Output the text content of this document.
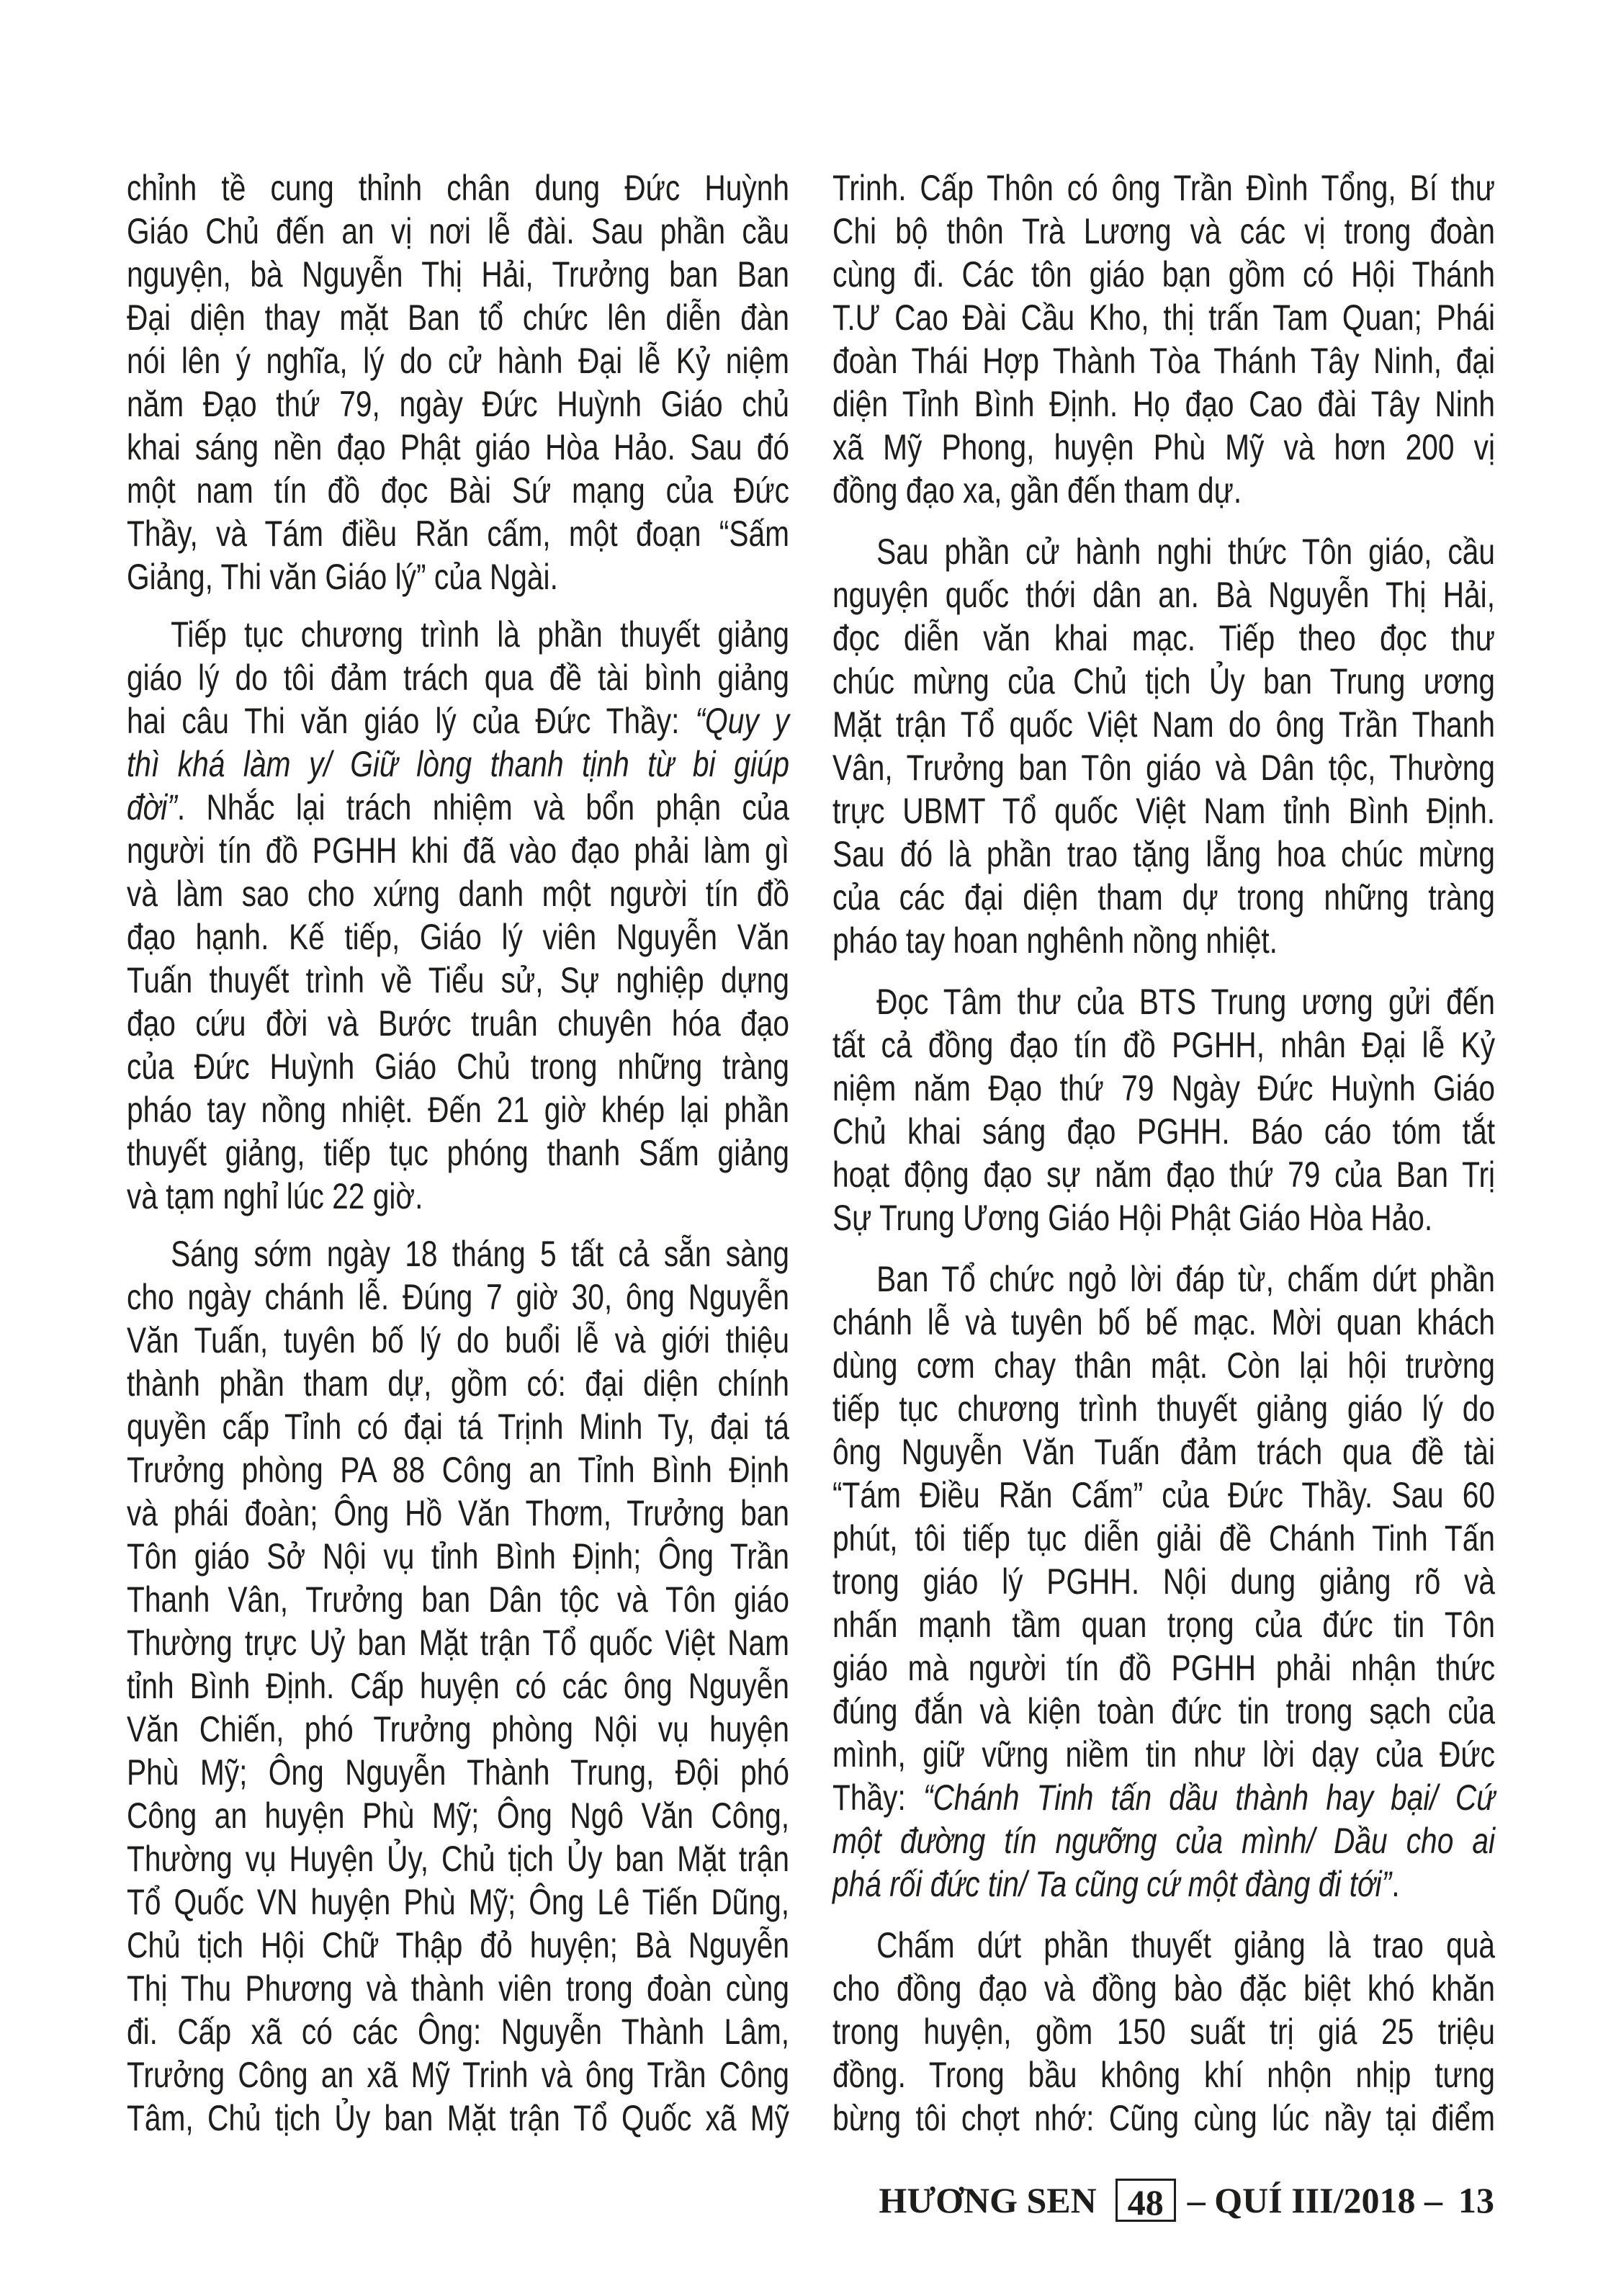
chỉnh tề cung thỉnh chân dung Đức Huỳnh
Giáo Chủ đến an vị nơi lễ đài. Sau phần cầu
nguyện, bà Nguyễn Thị Hải, Trưởng ban Ban
Đại diện thay mặt Ban tổ chức lên diễn đàn
nói lên ý nghĩa, lý do cử hành Đại lễ Kỷ niệm
năm Đạo thứ 79, ngày Đức Huỳnh Giáo chủ
khai sáng nền đạo Phật giáo Hòa Hảo. Sau đó
một nam tín đồ đọc Bài Sứ mạng của Đức
Thầy, và Tám điều Răn cấm, một đoạn “Sấm
Giảng, Thi văn Giáo lý” của Ngài.
Tiếp tục chương trình là phần thuyết giảng
giáo lý do tôi đảm trách qua đề tài bình giảng
hai câu Thi văn giáo lý của Đức Thầy: “Quy y
thì khá làm y/ Giữ lòng thanh tịnh từ bi giúp
đời”. Nhắc lại trách nhiệm và bổn phận của
người tín đồ PGHH khi đã vào đạo phải làm gì
và làm sao cho xứng danh một người tín đồ
đạo hạnh. Kế tiếp, Giáo lý viên Nguyễn Văn
Tuấn thuyết trình về Tiểu sử, Sự nghiệp dựng
đạo cứu đời và Bước truân chuyên hóa đạo
của Đức Huỳnh Giáo Chủ trong những tràng
pháo tay nồng nhiệt. Đến 21 giờ khép lại phần
thuyết giảng, tiếp tục phóng thanh Sấm giảng
và tạm nghỉ lúc 22 giờ.
Sáng sớm ngày 18 tháng 5 tất cả sẵn sàng
cho ngày chánh lễ. Đúng 7 giờ 30, ông Nguyễn
Văn Tuấn, tuyên bố lý do buổi lễ và giới thiệu
thành phần tham dự, gồm có: đại diện chính
quyền cấp Tỉnh có đại tá Trịnh Minh Ty, đại tá
Trưởng phòng PA 88 Công an Tỉnh Bình Định
và phái đoàn; Ông Hồ Văn Thơm, Trưởng ban
Tôn giáo Sở Nội vụ tỉnh Bình Định; Ông Trần
Thanh Vân, Trưởng ban Dân tộc và Tôn giáo
Thường trực Uỷ ban Mặt trận Tổ quốc Việt Nam
tỉnh Bình Định. Cấp huyện có các ông Nguyễn
Văn Chiến, phó Trưởng phòng Nội vụ huyện
Phù Mỹ; Ông Nguyễn Thành Trung, Đội phó
Công an huyện Phù Mỹ; Ông Ngô Văn Công,
Thường vụ Huyện Ủy, Chủ tịch Ủy ban Mặt trận
Tổ Quốc VN huyện Phù Mỹ; Ông Lê Tiến Dũng,
Chủ tịch Hội Chữ Thập đỏ huyện; Bà Nguyễn
Thị Thu Phương và thành viên trong đoàn cùng
đi. Cấp xã có các Ông: Nguyễn Thành Lâm,
Trưởng Công an xã Mỹ Trinh và ông Trần Công
Tâm, Chủ tịch Ủy ban Mặt trận Tổ Quốc xã Mỹ
Trinh. Cấp Thôn có ông Trần Đình Tổng, Bí thư
Chi bộ thôn Trà Lương và các vị trong đoàn
cùng đi. Các tôn giáo bạn gồm có Hội Thánh
T.Ư Cao Đài Cầu Kho, thị trấn Tam Quan; Phái
đoàn Thái Hợp Thành Tòa Thánh Tây Ninh, đại
diện Tỉnh Bình Định. Họ đạo Cao đài Tây Ninh
xã Mỹ Phong, huyện Phù Mỹ và hơn 200 vị
đồng đạo xa, gần đến tham dự.
Sau phần cử hành nghi thức Tôn giáo, cầu
nguyện quốc thới dân an. Bà Nguyễn Thị Hải,
đọc diễn văn khai mạc. Tiếp theo đọc thư
chúc mừng của Chủ tịch Ủy ban Trung ương
Mặt trận Tổ quốc Việt Nam do ông Trần Thanh
Vân, Trưởng ban Tôn giáo và Dân tộc, Thường
trực UBMT Tổ quốc Việt Nam tỉnh Bình Định.
Sau đó là phần trao tặng lẵng hoa chúc mừng
của các đại diện tham dự trong những tràng
pháo tay hoan nghênh nồng nhiệt.
Đọc Tâm thư của BTS Trung ương gửi đến
tất cả đồng đạo tín đồ PGHH, nhân Đại lễ Kỷ
niệm năm Đạo thứ 79 Ngày Đức Huỳnh Giáo
Chủ khai sáng đạo PGHH. Báo cáo tóm tắt
hoạt động đạo sự năm đạo thứ 79 của Ban Trị
Sự Trung Ương Giáo Hội Phật Giáo Hòa Hảo.
Ban Tổ chức ngỏ lời đáp từ, chấm dứt phần
chánh lễ và tuyên bố bế mạc. Mời quan khách
dùng cơm chay thân mật. Còn lại hội trường
tiếp tục chương trình thuyết giảng giáo lý do
ông Nguyễn Văn Tuấn đảm trách qua đề tài
“Tám Điều Răn Cấm” của Đức Thầy. Sau 60
phút, tôi tiếp tục diễn giải đề Chánh Tinh Tấn
trong giáo lý PGHH. Nội dung giảng rõ và
nhấn mạnh tầm quan trọng của đức tin Tôn
giáo mà người tín đồ PGHH phải nhận thức
đúng đắn và kiện toàn đức tin trong sạch của
mình, giữ vững niềm tin như lời dạy của Đức
Thầy: “Chánh Tinh tấn dầu thành hay bại/ Cứ
một đường tín ngưỡng của mình/ Dầu cho ai
phá rối đức tin/ Ta cũng cứ một đàng đi tới”.
Chấm dứt phần thuyết giảng là trao quà
cho đồng đạo và đồng bào đặc biệt khó khăn
trong huyện, gồm 150 suất trị giá 25 triệu
đồng. Trong bầu không khí nhộn nhịp tưng
bừng tôi chợt nhớ: Cũng cùng lúc nầy tại điểm
HƯƠNG SEN 48 – QUÍ III/2018 – 13
